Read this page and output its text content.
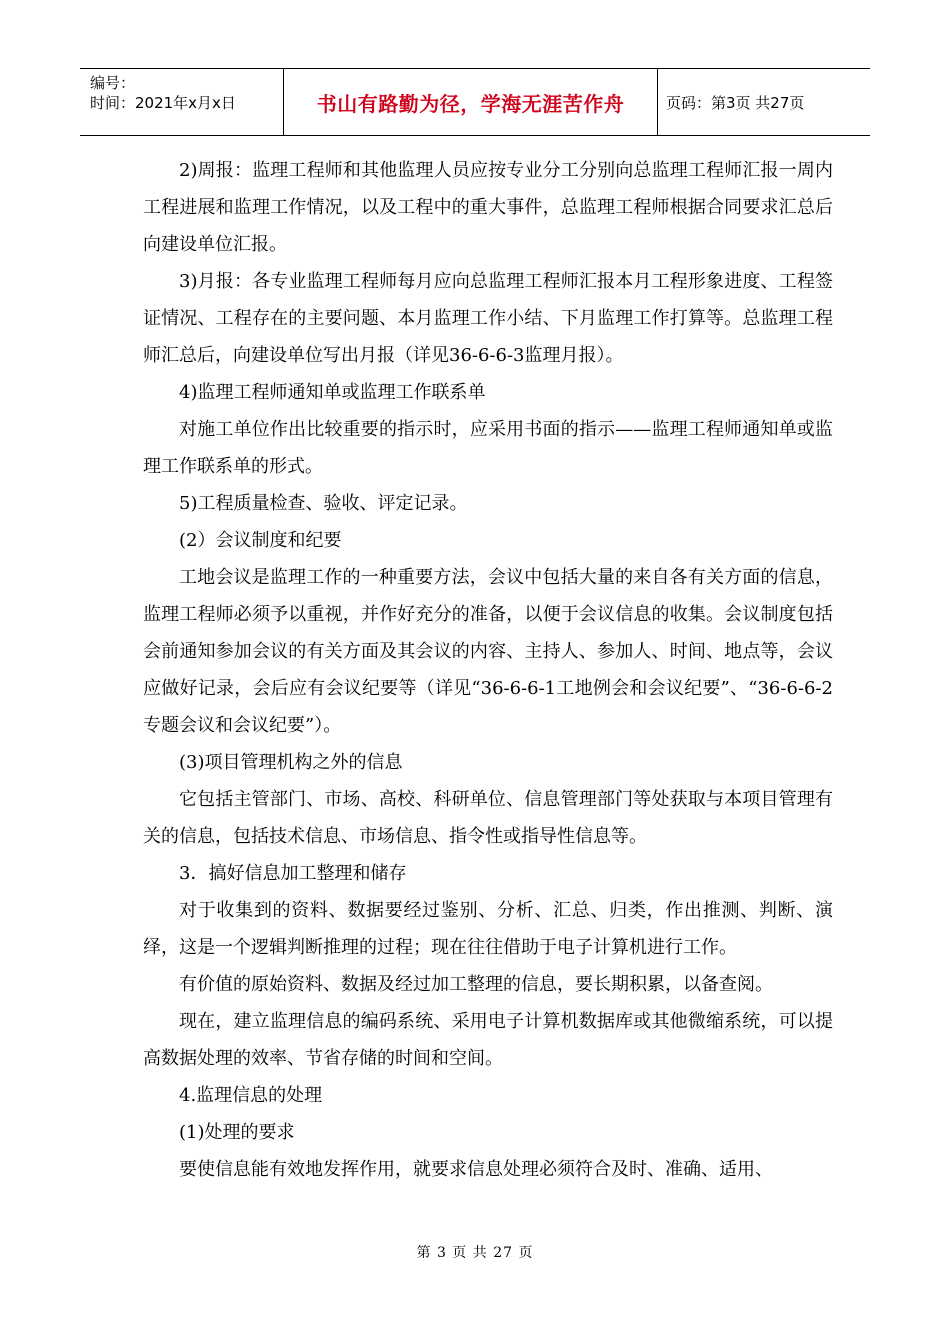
编号：
时间：2021年x月x日	书山有路勤为径，学海无涯苦作舟	页码：第3页 共27页

2)周报：监理工程师和其他监理人员应按专业分工分别向总监理工程师汇报一周内工程进展和监理工作情况，以及工程中的重大事件，总监理工程师根据合同要求汇总后向建设单位汇报。

3)月报：各专业监理工程师每月应向总监理工程师汇报本月工程形象进度、工程签证情况、工程存在的主要问题、本月监理工作小结、下月监理工作打算等。总监理工程师汇总后，向建设单位写出月报（详见36-6-6-3监理月报）。

4)监理工程师通知单或监理工作联系单

对施工单位作出比较重要的指示时，应采用书面的指示——监理工程师通知单或监理工作联系单的形式。

5)工程质量检查、验收、评定记录。

(2）会议制度和纪要

工地会议是监理工作的一种重要方法，会议中包括大量的来自各有关方面的信息，监理工程师必须予以重视，并作好充分的准备，以便于会议信息的收集。会议制度包括会前通知参加会议的有关方面及其会议的内容、主持人、参加人、时间、地点等，会议应做好记录，会后应有会议纪要等（详见“36-6-6-1工地例会和会议纪要”、“36-6-6-2专题会议和会议纪要”）。

(3)项目管理机构之外的信息

它包括主管部门、市场、高校、科研单位、信息管理部门等处获取与本项目管理有关的信息，包括技术信息、市场信息、指令性或指导性信息等。

3．搞好信息加工整理和储存

对于收集到的资料、数据要经过鉴别、分析、汇总、归类，作出推测、判断、演绎，这是一个逻辑判断推理的过程；现在往往借助于电子计算机进行工作。

有价值的原始资料、数据及经过加工整理的信息，要长期积累，以备查阅。

现在，建立监理信息的编码系统、采用电子计算机数据库或其他微缩系统，可以提高数据处理的效率、节省存储的时间和空间。

4.监理信息的处理

(1)处理的要求

要使信息能有效地发挥作用，就要求信息处理必须符合及时、准确、适用、

第 3 页 共 27 页
